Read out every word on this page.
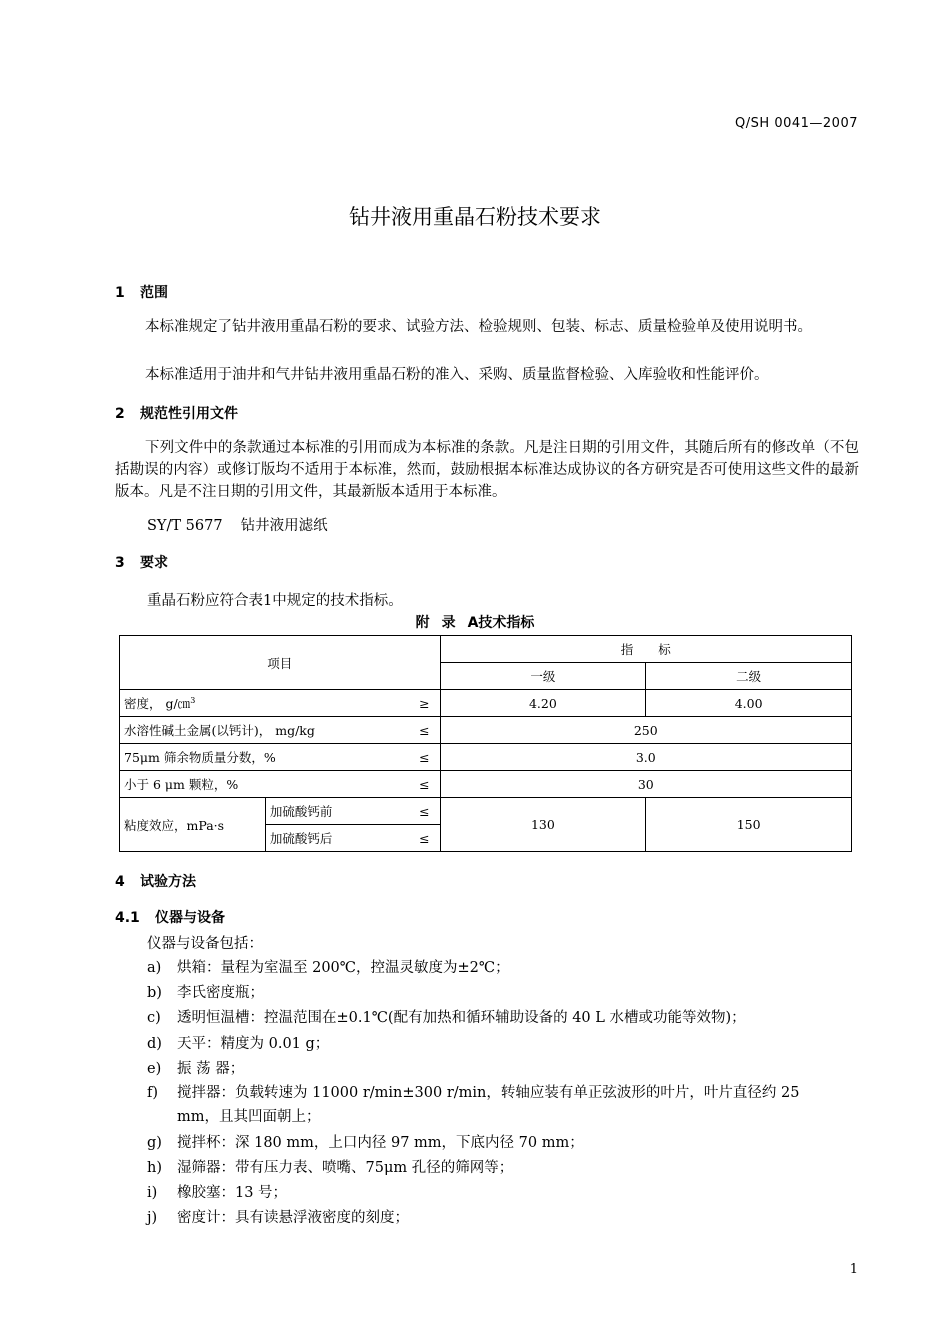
Q/SH 0041—2007
钻井液用重晶石粉技术要求
1 范围
本标准规定了钻井液用重晶石粉的要求、试验方法、检验规则、包装、标志、质量检验单及使用说明书。
本标准适用于油井和气井钻井液用重晶石粉的准入、采购、质量监督检验、入库验收和性能评价。
2 规范性引用文件
下列文件中的条款通过本标准的引用而成为本标准的条款。凡是注日期的引用文件，其随后所有的修改单（不包括勘误的内容）或修订版均不适用于本标准，然而，鼓励根据本标准达成协议的各方研究是否可使用这些文件的最新版本。凡是不注日期的引用文件，其最新版本适用于本标准。
SY/T 5677 钻井液用滤纸
3 要求
重晶石粉应符合表1中规定的技术指标。
附 录 A技术指标
项目		指　　标	
		一级	二级

密度， g/㎝$^3$ ≥		4.20	4.00

水溶性碱土金属(以钙计)， mg/kg ≤		250	

75μm 筛余物质量分数，% ≤		3.0	

小于 6 μm 颗粒，% ≤		30	
粘度效应，mPa·s	加硫酸钙前 ≤	130	150

	加硫酸钙后 ≤		
4 试验方法
4.1 仪器与设备
仪器与设备包括：
a) 烘箱：量程为室温至 200℃，控温灵敏度为±2℃；
b) 李氏密度瓶；
c) 透明恒温槽：控温范围在±0.1℃(配有加热和循环辅助设备的 40 L 水槽或功能等效物)；
d) 天平：精度为 0.01 g；
e) 振 荡 器；
f) 搅拌器：负载转速为 11000 r/min±300 r/min，转轴应装有单正弦波形的叶片，叶片直径约 25
mm，且其凹面朝上；
g) 搅拌杯：深 180 mm，上口内径 97 mm，下底内径 70 mm；
h) 湿筛器：带有压力表、喷嘴、75μm 孔径的筛网等；
i) 橡胶塞：13 号；
j) 密度计：具有读悬浮液密度的刻度；
1
